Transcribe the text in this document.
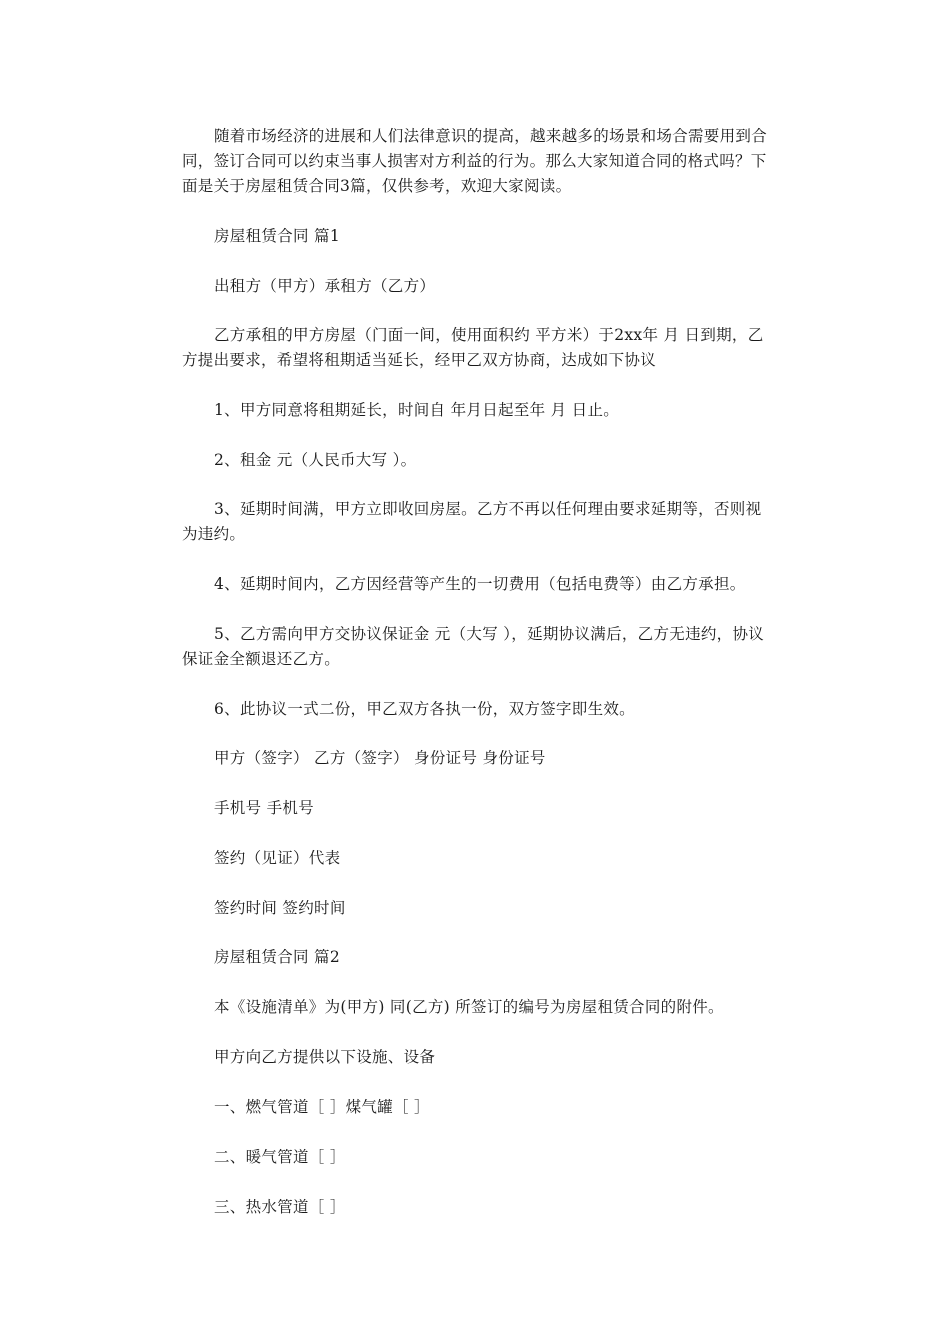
随着市场经济的进展和人们法律意识的提高，越来越多的场景和场合需要用到合同，签订合同可以约束当事人损害对方利益的行为。那么大家知道合同的格式吗？下面是关于房屋租赁合同3篇，仅供参考，欢迎大家阅读。

房屋租赁合同 篇1

出租方（甲方）承租方（乙方）

乙方承租的甲方房屋（门面一间，使用面积约 平方米）于2xx年 月 日到期，乙方提出要求，希望将租期适当延长，经甲乙双方协商，达成如下协议

1、甲方同意将租期延长，时间自 年月日起至年 月 日止。

2、租金 元（人民币大写 ）。

3、延期时间满，甲方立即收回房屋。乙方不再以任何理由要求延期等，否则视为违约。

4、延期时间内，乙方因经营等产生的一切费用（包括电费等）由乙方承担。

5、乙方需向甲方交协议保证金 元（大写 ），延期协议满后，乙方无违约，协议保证金全额退还乙方。

6、此协议一式二份，甲乙双方各执一份，双方签字即生效。

甲方（签字） 乙方（签字） 身份证号 身份证号

手机号 手机号

签约（见证）代表

签约时间 签约时间

房屋租赁合同 篇2

本《设施清单》为(甲方) 同(乙方) 所签订的编号为房屋租赁合同的附件。

甲方向乙方提供以下设施、设备

一、燃气管道［ ］煤气罐［ ］

二、暖气管道［ ］

三、热水管道［ ］
